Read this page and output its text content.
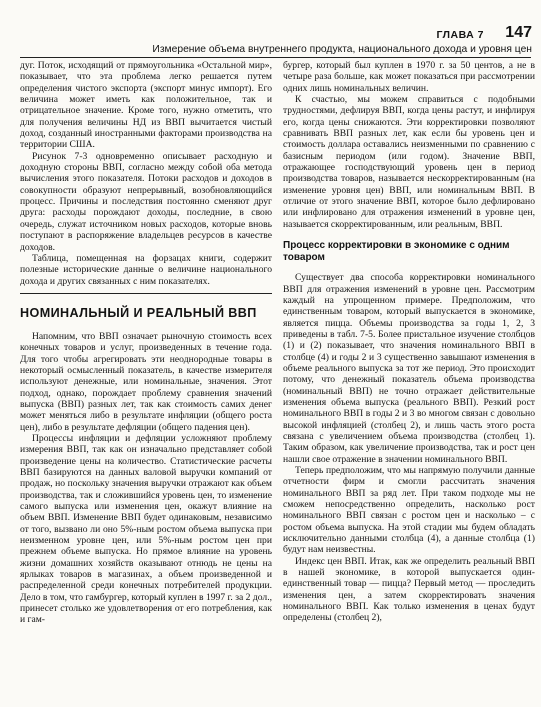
ГЛАВА 7 147
Измерение объема внутреннего продукта, национального дохода и уровня цен

дуг. Поток, исходящий от прямоугольника «Остальной мир», показывает, что эта проблема легко решается путем определения чистого экспорта (экспорт минус импорт). Его величина может иметь как положительное, так и отрицательное значение. Кроме того, нужно отметить, что для получения величины НД из ВВП вычитается чистый доход, созданный иностранными факторами производства на территории США.

Рисунок 7-3 одновременно описывает расходную и доходную стороны ВВП, согласно между собой оба метода вычисления этого показателя. Потоки расходов и доходов в совокупности образуют непрерывный, возобновляющийся процесс. Причины и последствия постоянно сменяют друг друга: расходы порождают доходы, последние, в свою очередь, служат источником новых расходов, которые вновь поступают в распоряжение владельцев ресурсов в качестве доходов.

Таблица, помещенная на форзацах книги, содержит полезные исторические данные о величине национального дохода и других связанных с ним показателях.

НОМИНАЛЬНЫЙ И РЕАЛЬНЫЙ ВВП

Напомним, что ВВП означает рыночную стоимость всех конечных товаров и услуг, произведенных в течение года. Для того чтобы агрегировать эти неоднородные товары в некоторый осмысленный показатель, в качестве измерителя используют денежные, или номинальные, значения. Этот подход, однако, порождает проблему сравнения значений выпуска (ВВП) разных лет, так как стоимость самих денег может меняться либо в результате инфляции (общего роста цен), либо в результате дефляции (общего падения цен).

Процессы инфляции и дефляции усложняют проблему измерения ВВП, так как он изначально представляет собой произведение цены на количество. Статистические расчеты ВВП базируются на данных валовой выручки компаний от продаж, но поскольку значения выручки отражают как объем производства, так и сложившийся уровень цен, то изменение самого выпуска или изменения цен, окажут влияние на объем ВВП. Изменение ВВП будет одинаковым, независимо от того, вызвано ли оно 5%-ным ростом объема выпуска при неизменном уровне цен, или 5%-ным ростом цен при прежнем объеме выпуска. Но прямое влияние на уровень жизни домашних хозяйств оказывают отнюдь не цены на ярлыках товаров в магазинах, а объем произведенной и распределенной среди конечных потребителей продукции. Дело в том, что гамбургер, который куплен в 1997 г. за 2 дол., принесет столько же удовлетворения от его потребления, как и гам-

бургер, который был куплен в 1970 г. за 50 центов, а не в четыре раза больше, как может показаться при рассмотрении одних лишь номинальных величин.

К счастью, мы можем справиться с подобными трудностями, дефлируя ВВП, когда цены растут, и инфлируя его, когда цены снижаются. Эти корректировки позволяют сравнивать ВВП разных лет, как если бы уровень цен и стоимость доллара оставались неизменными по сравнению с базисным периодом (или годом). Значение ВВП, отражающее господствующий уровень цен в период производства товаров, называется нескорректированным (на изменение уровня цен) ВВП, или номинальным ВВП. В отличие от этого значение ВВП, которое было дефлировано или инфлировано для отражения изменений в уровне цен, называется скорректированным, или реальным, ВВП.

Процесс корректировки в экономике с одним товаром

Существует два способа корректировки номинального ВВП для отражения изменений в уровне цен. Рассмотрим каждый на упрощенном примере. Предположим, что единственным товаром, который выпускается в экономике, является пицца. Объемы производства за годы 1, 2, 3 приведены в табл. 7-5. Более пристальное изучение столбцов (1) и (2) показывает, что значения номинального ВВП в столбце (4) и годы 2 и 3 существенно завышают изменения в объеме реального выпуска за тот же период. Это происходит потому, что денежный показатель объема производства (номинальный ВВП) не точно отражает действительные изменения объема выпуска (реального ВВП). Резкий рост номинального ВВП в годы 2 и 3 во многом связан с довольно высокой инфляцией (столбец 2), и лишь часть этого роста связана с увеличением объема производства (столбец 1). Таким образом, как увеличение производства, так и рост цен нашли свое отражение в значении номинального ВВП.

Теперь предположим, что мы напрямую получили данные отчетности фирм и смогли рассчитать значения номинального ВВП за ряд лет. При таком подходе мы не сможем непосредственно определить, насколько рост номинального ВВП связан с ростом цен и насколько – с ростом объема выпуска. На этой стадии мы будем обладать исключительно данными столбца (4), а данные столбца (1) будут нам неизвестны.

Индекс цен ВВП. Итак, как же определить реальный ВВП в нашей экономике, в которой выпускается один-единственный товар — пицца? Первый метод — проследить изменения цен, а затем скорректировать значения номинального ВВП. Как только изменения в ценах будут определены (столбец 2),
